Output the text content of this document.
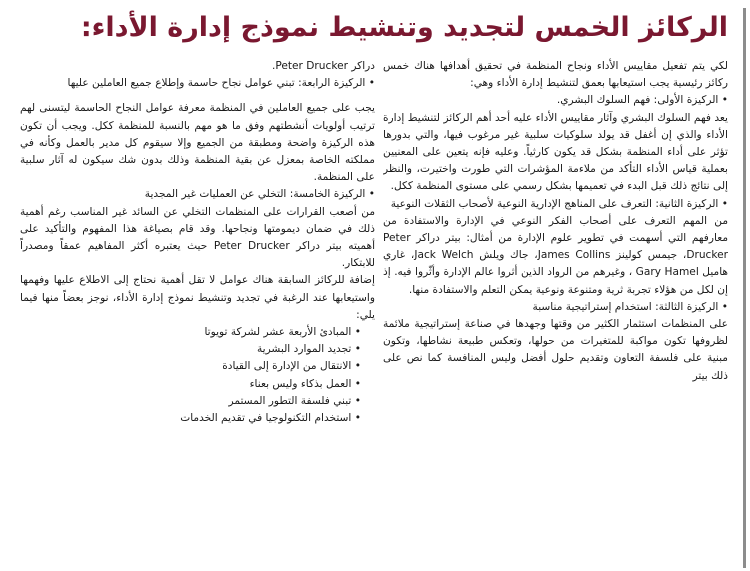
الركائز الخمس لتجديد وتنشيط نموذج إدارة الأداء:

لكي يتم تفعيل مقاييس الأداء ونجاح المنظمة في تحقيق أهدافها هناك خمس ركائز رئيسية يجب استيعابها بعمق لتنشيط إدارة الأداء وهي:

• الركيزة الأولى: فهم السلوك البشري.

يعد فهم السلوك البشري وآثار مقاييس الأداء عليه أحد أهم الركائز لتنشيط إدارة الأداء والذي إن أغفل قد يولد سلوكيات سلبية غير مرغوب فيها، والتي بدورها تؤثر على أداء المنظمة بشكل قد يكون كارثياً. وعليه فإنه يتعين على المعنيين بعملية قياس الأداء التأكد من ملاءمة المؤشرات التي طورت واختيرت، والنظر إلى نتائج ذلك قبل البدء في تعميمها بشكل رسمي على مستوى المنظمة ككل.

• الركيزة الثانية: التعرف على المناهج الإدارية النوعية لأصحاب الثقلات النوعية

من المهم التعرف على أصحاب الفكر النوعي في الإدارة والاستفادة من معارفهم التي أسهمت في تطوير علوم الإدارة من أمثال: بيتر دراكر Peter Drucker، جيمس كولينز James Collins، جاك ويلش Jack Welch، غاري هاميل Gary Hamel ، وغيرهم من الرواد الذين أثروا عالم الإدارة وأثّروا فيه. إذ إن لكل من هؤلاء تجربة ثرية ومتنوعة ونوعية يمكن التعلم والاستفادة منها.

• الركيزة الثالثة: استخدام إستراتيجية مناسبة

على المنظمات استثمار الكثير من وقتها وجهدها في صناعة إستراتيجية ملائمة لظروفها تكون مواكبة للمتغيرات من حولها، وتعكس طبيعة نشاطها، وتكون مبنية على فلسفة التعاون وتقديم حلول أفضل وليس المنافسة كما نص على ذلك بيتر

دراكر Peter Drucker.

• الركيزة الرابعة: تبني عوامل نجاح حاسمة وإطلاع جميع العاملين عليها

يجب على جميع العاملين في المنظمة معرفة عوامل النجاح الحاسمة ليتسنى لهم ترتيب أولويات أنشطتهم وفق ما هو مهم بالنسبة للمنظمة ككل. ويجب أن تكون هذه الركيزة واضحة ومطبقة من الجميع وإلا سيقوم كل مدير بالعمل وكأنه في مملكته الخاصة بمعزل عن بقية المنظمة وذلك بدون شك سيكون له آثار سلبية على المنظمة.

• الركيزة الخامسة: التخلي عن العمليات غير المجدية

من أصعب القرارات على المنظمات التخلي عن السائد غير المناسب رغم أهمية ذلك في ضمان ديمومتها ونجاحها. وقد قام بصياغة هذا المفهوم والتأكيد على أهميته بيتر دراكر Peter Drucker حيث يعتبره أكثر المفاهيم عمقاً ومصدراً للابتكار.

إضافة للركائز السابقة هناك عوامل لا تقل أهمية نحتاج إلى الاطلاع عليها وفهمها واستيعابها عند الرغبة في تجديد وتنشيط نموذج إدارة الأداء، نوجز بعضاً منها فيما يلي:

• المبادئ الأربعة عشر لشركة تويوتا

• تجديد الموارد البشرية

• الانتقال من الإدارة إلى القيادة

• العمل بذكاء وليس بعناء

• تبني فلسفة التطور المستمر

• استخدام التكنولوجيا في تقديم الخدمات
